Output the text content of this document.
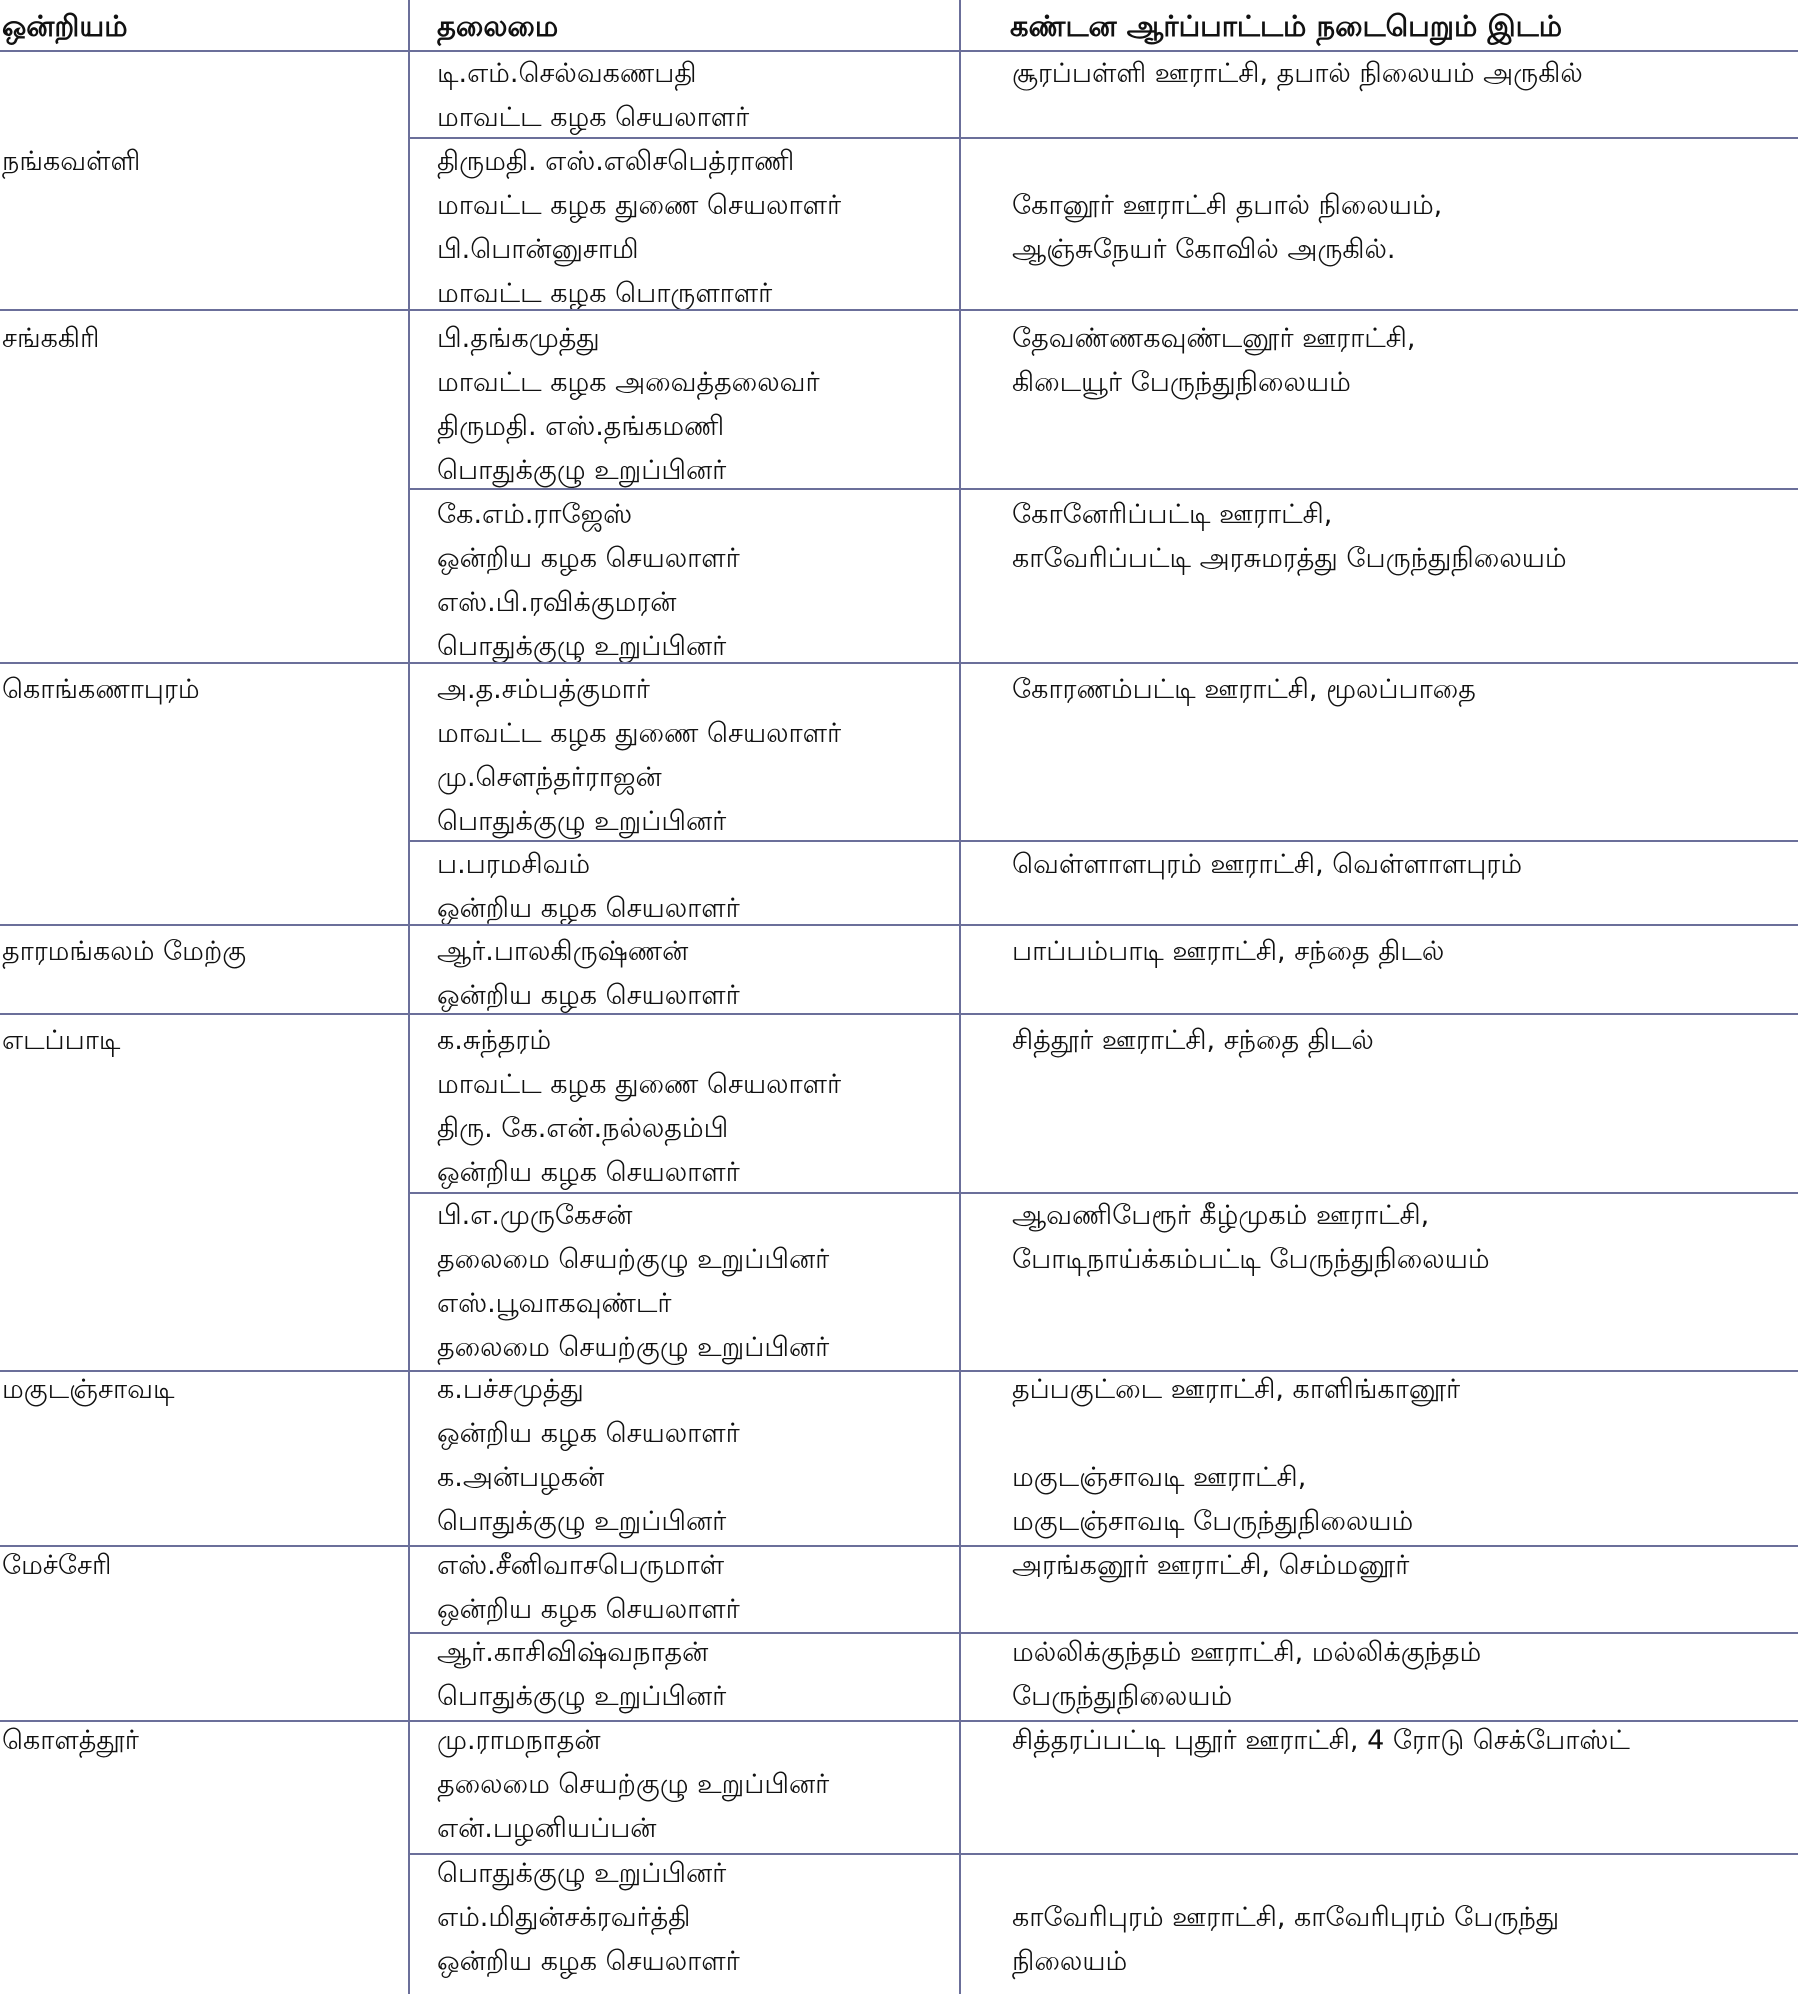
ஒன்றியம்	தலைமை	கண்டன ஆர்ப்பாட்டம் நடைபெறும் இடம்
நங்கவள்ளி
சங்ககிரி
கொங்கணாபுரம்
தாரமங்கலம் மேற்கு
எடப்பாடி
மகுடஞ்சாவடி
மேச்சேரி
கொளத்தூர்
டி.எம்.செல்வகணபதி
மாவட்ட கழக செயலாளர்
திருமதி. எஸ்.எலிசபெத்ராணி
மாவட்ட கழக துணை செயலாளர்
பி.பொன்னுசாமி
மாவட்ட கழக பொருளாளர்
பி.தங்கமுத்து
மாவட்ட கழக அவைத்தலைவர்
திருமதி. எஸ்.தங்கமணி
பொதுக்குழு உறுப்பினர்
கே.எம்.ராஜேஸ்
ஒன்றிய கழக செயலாளர்
எஸ்.பி.ரவிக்குமரன்
பொதுக்குழு உறுப்பினர்
அ.த.சம்பத்குமார்
மாவட்ட கழக துணை செயலாளர்
மு.சௌந்தர்ராஜன்
பொதுக்குழு உறுப்பினர்
ப.பரமசிவம்
ஒன்றிய கழக செயலாளர்
ஆர்.பாலகிருஷ்ணன்
ஒன்றிய கழக செயலாளர்
க.சுந்தரம்
மாவட்ட கழக துணை செயலாளர்
திரு. கே.என்.நல்லதம்பி
ஒன்றிய கழக செயலாளர்
பி.எ.முருகேசன்
தலைமை செயற்குழு உறுப்பினர்
எஸ்.பூவாகவுண்டர்
தலைமை செயற்குழு உறுப்பினர்
க.பச்சமுத்து
ஒன்றிய கழக செயலாளர்
க.அன்பழகன்
பொதுக்குழு உறுப்பினர்
எஸ்.சீனிவாசபெருமாள்
ஒன்றிய கழக செயலாளர்
ஆர்.காசிவிஷ்வநாதன்
பொதுக்குழு உறுப்பினர்
மு.ராமநாதன்
தலைமை செயற்குழு உறுப்பினர்
என்.பழனியப்பன்
பொதுக்குழு உறுப்பினர்
எம்.மிதுன்சக்ரவர்த்தி
ஒன்றிய கழக செயலாளர்
சூரப்பள்ளி ஊராட்சி, தபால் நிலையம் அருகில்

கோனூர் ஊராட்சி தபால் நிலையம்,
ஆஞ்சுநேயர் கோவில் அருகில்.
தேவண்ணகவுண்டனூர் ஊராட்சி,
கிடையூர் பேருந்துநிலையம்
கோனேரிப்பட்டி ஊராட்சி,
காவேரிப்பட்டி அரசுமரத்து பேருந்துநிலையம்
கோரணம்பட்டி ஊராட்சி, மூலப்பாதை
வெள்ளாளபுரம் ஊராட்சி, வெள்ளாளபுரம்
பாப்பம்பாடி ஊராட்சி, சந்தை திடல்
சித்தூர் ஊராட்சி, சந்தை திடல்
ஆவணிபேரூர் கீழ்முகம் ஊராட்சி,
போடிநாய்க்கம்பட்டி பேருந்துநிலையம்
தப்பகுட்டை ஊராட்சி, காளிங்கானூர்

மகுடஞ்சாவடி ஊராட்சி,
மகுடஞ்சாவடி பேருந்துநிலையம்
அரங்கனூர் ஊராட்சி, செம்மனூர்
மல்லிக்குந்தம் ஊராட்சி, மல்லிக்குந்தம்
பேருந்துநிலையம்
சித்தரப்பட்டி புதூர் ஊராட்சி, 4 ரோடு செக்போஸ்ட்

காவேரிபுரம் ஊராட்சி, காவேரிபுரம் பேருந்து
நிலையம்
